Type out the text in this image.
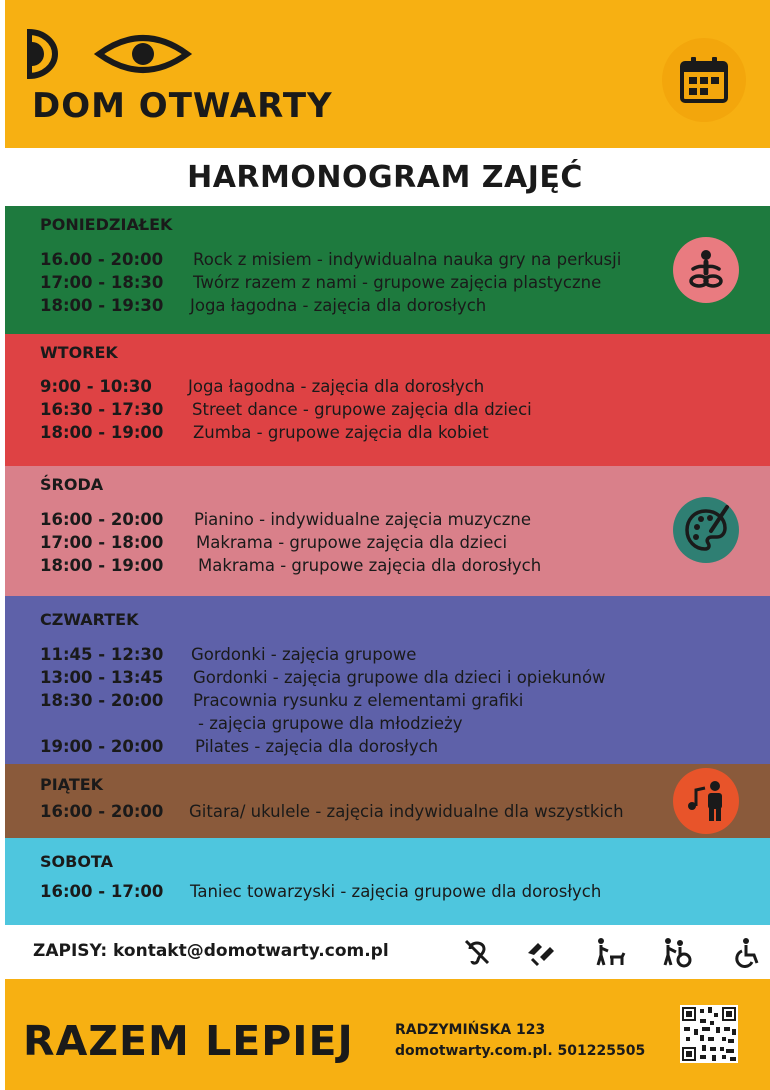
DOM OTWARTY
HARMONOGRAM ZAJĘĆ
PONIEDZIAŁEK
16.00 - 20:00 Rock z misiem - indywidualna nauka gry na perkusji
17:00 - 18:30 Twórz razem z nami - grupowe zajęcia plastyczne
18:00 - 19:30 Joga łagodna - zajęcia dla dorosłych
WTOREK
9:00 - 10:30 Joga łagodna - zajęcia dla dorosłych
16:30 - 17:30 Street dance - grupowe zajęcia dla dzieci
18:00 - 19:00 Zumba - grupowe zajęcia dla kobiet
ŚRODA
16:00 - 20:00 Pianino - indywidualne zajęcia muzyczne
17:00 - 18:00 Makrama - grupowe zajęcia dla dzieci
18:00 - 19:00 Makrama - grupowe zajęcia dla dorosłych
CZWARTEK
11:45 - 12:30 Gordonki - zajęcia grupowe
13:00 - 13:45 Gordonki - zajęcia grupowe dla dzieci i opiekunów
18:30 - 20:00 Pracownia rysunku z elementami grafiki
- zajęcia grupowe dla młodzieży
19:00 - 20:00 Pilates - zajęcia dla dorosłych
PIĄTEK
16:00 - 20:00 Gitara/ ukulele - zajęcia indywidualne dla wszystkich
SOBOTA
16:00 - 17:00 Taniec towarzyski - zajęcia grupowe dla dorosłych
ZAPISY: kontakt@domotwarty.com.pl
RAZEM LEPIEJ	RADZYMIŃSKA 123
domotwarty.com.pl. 501225505
